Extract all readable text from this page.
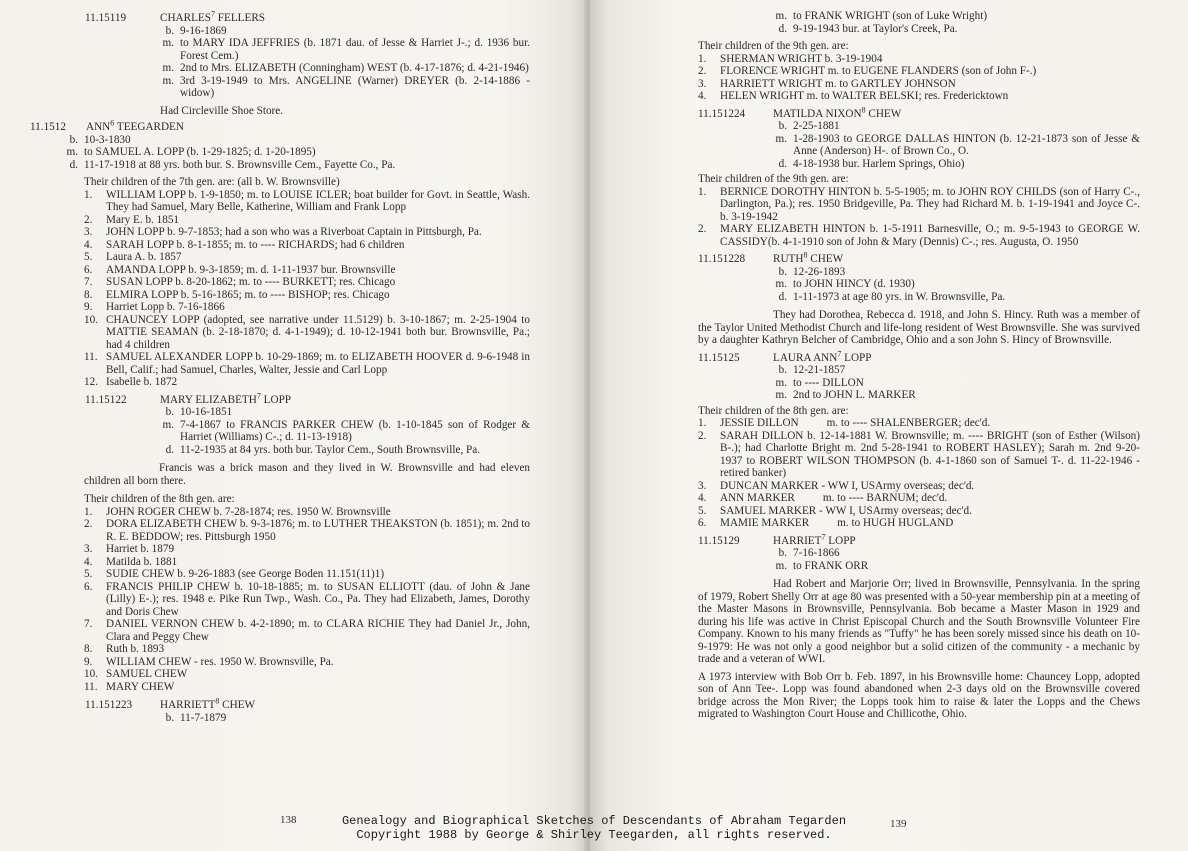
11.15119	CHARLES$^7$ FELLERS
b. 9-16-1869
m. to MARY IDA JEFFRIES (b. 1871 dau. of Jesse & Harriet J-.; d. 1936 bur. Forest Cem.)
m. 2nd to Mrs. ELIZABETH (Conningham) WEST (b. 4-17-1876; d. 4-21-1946)
m. 3rd 3-19-1949 to Mrs. ANGELINE (Warner) DREYER (b. 2-14-1886 - widow)

Had Circleville Shoe Store.

11.1512 ANN$^6$ TEEGARDEN
b. 10-3-1830
m. to SAMUEL A. LOPP (b. 1-29-1825; d. 1-20-1895)
d. 11-17-1918 at 88 yrs. both bur. S. Brownsville Cem., Fayette Co., Pa.

Their children of the 7th gen. are: (all b. W. Brownsville)

1.	WILLIAM LOPP b. 1-9-1850; m. to LOUISE ICLER; boat builder for Govt. in Seattle, Wash.  They had Samuel, Mary Belle, Katherine, William and Frank Lopp
2.	Mary E. b. 1851
3.	JOHN LOPP b. 9-7-1853; had a son who was a Riverboat Captain in Pittsburgh, Pa.
4.	SARAH LOPP b. 8-1-1855; m. to ---- RICHARDS; had 6 children
5.	Laura A. b. 1857
6.	AMANDA LOPP b. 9-3-1859; m. d. 1-11-1937 bur. Brownsville
7.	SUSAN LOPP b. 8-20-1862; m. to ---- BURKETT; res. Chicago
8.	ELMIRA LOPP b. 5-16-1865; m. to ---- BISHOP; res. Chicago
9.	Harriet Lopp b. 7-16-1866
10. CHAUNCEY LOPP (adopted, see narrative under 11.5129) b. 3-10-1867; m. 2-25-1904 to MATTIE SEAMAN (b. 2-18-1870; d. 4-1-1949); d. 10-12-1941 both bur. Brownsville, Pa.; had 4 children
11. SAMUEL ALEXANDER LOPP b. 10-29-1869; m. to ELIZABETH HOOVER d. 9-6-1948 in Bell, Calif.; had Samuel, Charles, Walter, Jessie and Carl Lopp
12. Isabelle b. 1872
11.15122	MARY ELIZABETH$^7$ LOPP
b. 10-16-1851
m. 7-4-1867 to FRANCIS PARKER CHEW (b. 1-10-1845 son of Rodger & Harriet (Williams) C-.; d. 11-13-1918)
d. 11-2-1935 at 84 yrs. both bur. Taylor Cem., South Brownsville, Pa.

Francis was a brick mason and they lived in W. Brownsville and had eleven children all born there.

Their children of the 8th gen. are:

1.	JOHN ROGER CHEW b. 7-28-1874; res. 1950 W. Brownsville
2.	DORA ELIZABETH CHEW b. 9-3-1876; m. to LUTHER THEAKSTON (b. 1851); m. 2nd to R. E. BEDDOW; res. Pittsburgh 1950
3.	Harriet b. 1879
4.	Matilda b. 1881
5.	SUDIE CHEW b. 9-26-1883 (see George Boden 11.151(11)1)
6.	FRANCIS PHILIP CHEW b. 10-18-1885; m. to SUSAN ELLIOTT (dau. of John & Jane (Lilly) E-.); res. 1948 e. Pike Run Twp., Wash. Co., Pa. They had Elizabeth, James, Dorothy and Doris Chew
7.	DANIEL VERNON CHEW b. 4-2-1890; m. to CLARA RICHIE They had Daniel Jr., John, Clara and Peggy Chew
8.	Ruth b. 1893
9.	WILLIAM CHEW - res. 1950 W. Brownsville, Pa.
10. SAMUEL CHEW
11. MARY CHEW
11.151223 HARRIETT$^8$ CHEW
b. 11-7-1879
138
m. to FRANK WRIGHT (son of Luke Wright)
d. 9-19-1943 bur. at Taylor's Creek, Pa.

Their children of the 9th gen. are:

1.	SHERMAN WRIGHT b. 3-19-1904
2.	FLORENCE WRIGHT m. to EUGENE FLANDERS (son of John F-.)
3.	HARRIETT WRIGHT m. to GARTLEY JOHNSON
4.	HELEN WRIGHT m. to WALTER BELSKI; res. Fredericktown
11.151224 MATILDA NIXON$^8$ CHEW
b. 2-25-1881
m. 1-28-1903 to GEORGE DALLAS HINTON (b. 12-21-1873 son of Jesse & Anne (Anderson) H-. of Brown Co., O.
d. 4-18-1938 bur. Harlem Springs, Ohio)

Their children of the 9th gen. are:

1.	BERNICE DOROTHY HINTON b. 5-5-1905; m. to JOHN ROY CHILDS (son of Harry C-., Darlington, Pa.); res. 1950 Bridgeville, Pa. They had Richard M. b. 1-19-1941 and Joyce C-. b. 3-19-1942
2.	MARY ELIZABETH HINTON b. 1-5-1911 Barnesville, O.; m. 9-5-1943 to GEORGE W. CASSIDY(b. 4-1-1910 son of John & Mary (Dennis) C-.; res. Augusta, O. 1950
11.151228 RUTH$^8$ CHEW
b. 12-26-1893
m. to JOHN HINCY (d. 1930)
d. 1-11-1973 at age 80 yrs. in W. Brownsville, Pa.

They had Dorothea, Rebecca d. 1918, and John S. Hincy. Ruth was a member of the Taylor United Methodist Church and life-long resident of West Brownsville. She was survived by a daughter Kathryn Belcher of Cambridge, Ohio and a son John S. Hincy of Brownsville.

11.15125	LAURA ANN$^7$ LOPP
b. 12-21-1857
m. to ---- DILLON
m. 2nd to JOHN L. MARKER

Their children of the 8th gen. are:

1.	JESSIE DILLON          m. to ---- SHALENBERGER; dec'd.
2.	SARAH DILLON b. 12-14-1881 W. Brownsville; m. ---- BRIGHT (son of Esther (Wilson) B-.); had Charlotte Bright m. 2nd 5-28-1941 to ROBERT HASLEY); Sarah m. 2nd 9-20-1937 to ROBERT WILSON THOMPSON (b. 4-1-1860 son of Samuel T-. d. 11-22-1946 - retired banker)
3.	DUNCAN MARKER - WW I, USArmy overseas; dec'd.
4.	ANN MARKER          m. to ---- BARNUM; dec'd.
5.	SAMUEL MARKER - WW I, USArmy overseas; dec'd.
6.	MAMIE MARKER          m. to HUGH HUGLAND
11.15129	HARRIET$^7$ LOPP
b. 7-16-1866
m. to FRANK ORR

Had Robert and Marjorie Orr; lived in Brownsville, Pennsylvania. In the spring of 1979, Robert Shelly Orr at age 80 was presented with a 50-year membership pin at a meeting of the Master Masons in Brownsville, Pennsylvania. Bob became a Master Mason in 1929 and during his life was active in Christ Episcopal Church and the South Brownsville Volunteer Fire Company. Known to his many friends as "Tuffy" he has been sorely missed since his death on 10-9-1979: He was not only a good neighbor but a solid citizen of the community - a mechanic by trade and a veteran of WWI.

A 1973 interview with Bob Orr b. Feb. 1897, in his Brownsville home: Chauncey Lopp, adopted son of Ann Tee-. Lopp was found abandoned when 2-3 days old on the Brownsville covered bridge across the Mon River; the Lopps took him to raise & later the Lopps and the Chews migrated to Washington Court House and Chillicothe, Ohio.

139
Genealogy and Biographical Sketches of Descendants of Abraham Tegarden
Copyright 1988 by George & Shirley Teegarden, all rights reserved.
